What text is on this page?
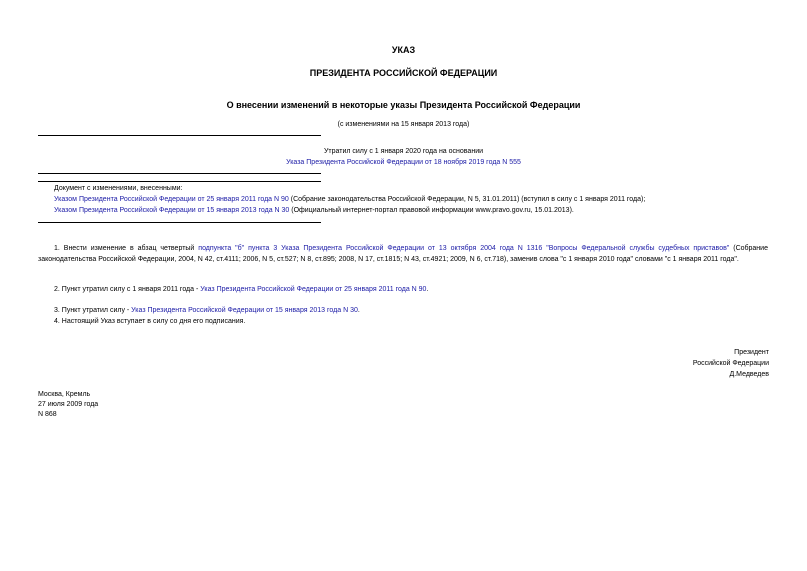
УКАЗ
ПРЕЗИДЕНТА РОССИЙСКОЙ ФЕДЕРАЦИИ
О внесении изменений в некоторые указы Президента Российской Федерации
(с изменениями на 15 января 2013 года)
Утратил силу с 1 января 2020 года на основании
Указа Президента Российской Федерации от 18 ноября 2019 года N 555
Документ с изменениями, внесенными:
Указом Президента Российской Федерации от 25 января 2011 года N 90 (Собрание законодательства Российской Федерации, N 5, 31.01.2011) (вступил в силу с 1 января 2011 года);
Указом Президента Российской Федерации от 15 января 2013 года N 30 (Официальный интернет-портал правовой информации www.pravo.gov.ru, 15.01.2013).
1. Внести изменение в абзац четвертый подпункта "б" пункта 3 Указа Президента Российской Федерации от 13 октября 2004 года N 1316 "Вопросы Федеральной службы судебных приставов" (Собрание законодательства Российской Федерации, 2004, N 42, ст.4111; 2006, N 5, ст.527; N 8, ст.895; 2008, N 17, ст.1815; N 43, ст.4921; 2009, N 6, ст.718), заменив слова "с 1 января 2010 года" словами "с 1 января 2011 года".
2. Пункт утратил силу с 1 января 2011 года - Указ Президента Российской Федерации от 25 января 2011 года N 90.
3. Пункт утратил силу - Указ Президента Российской Федерации от 15 января 2013 года N 30.
4. Настоящий Указ вступает в силу со дня его подписания.
Президент
Российской Федерации
Д.Медведев
Москва, Кремль
27 июля 2009 года
N 868
